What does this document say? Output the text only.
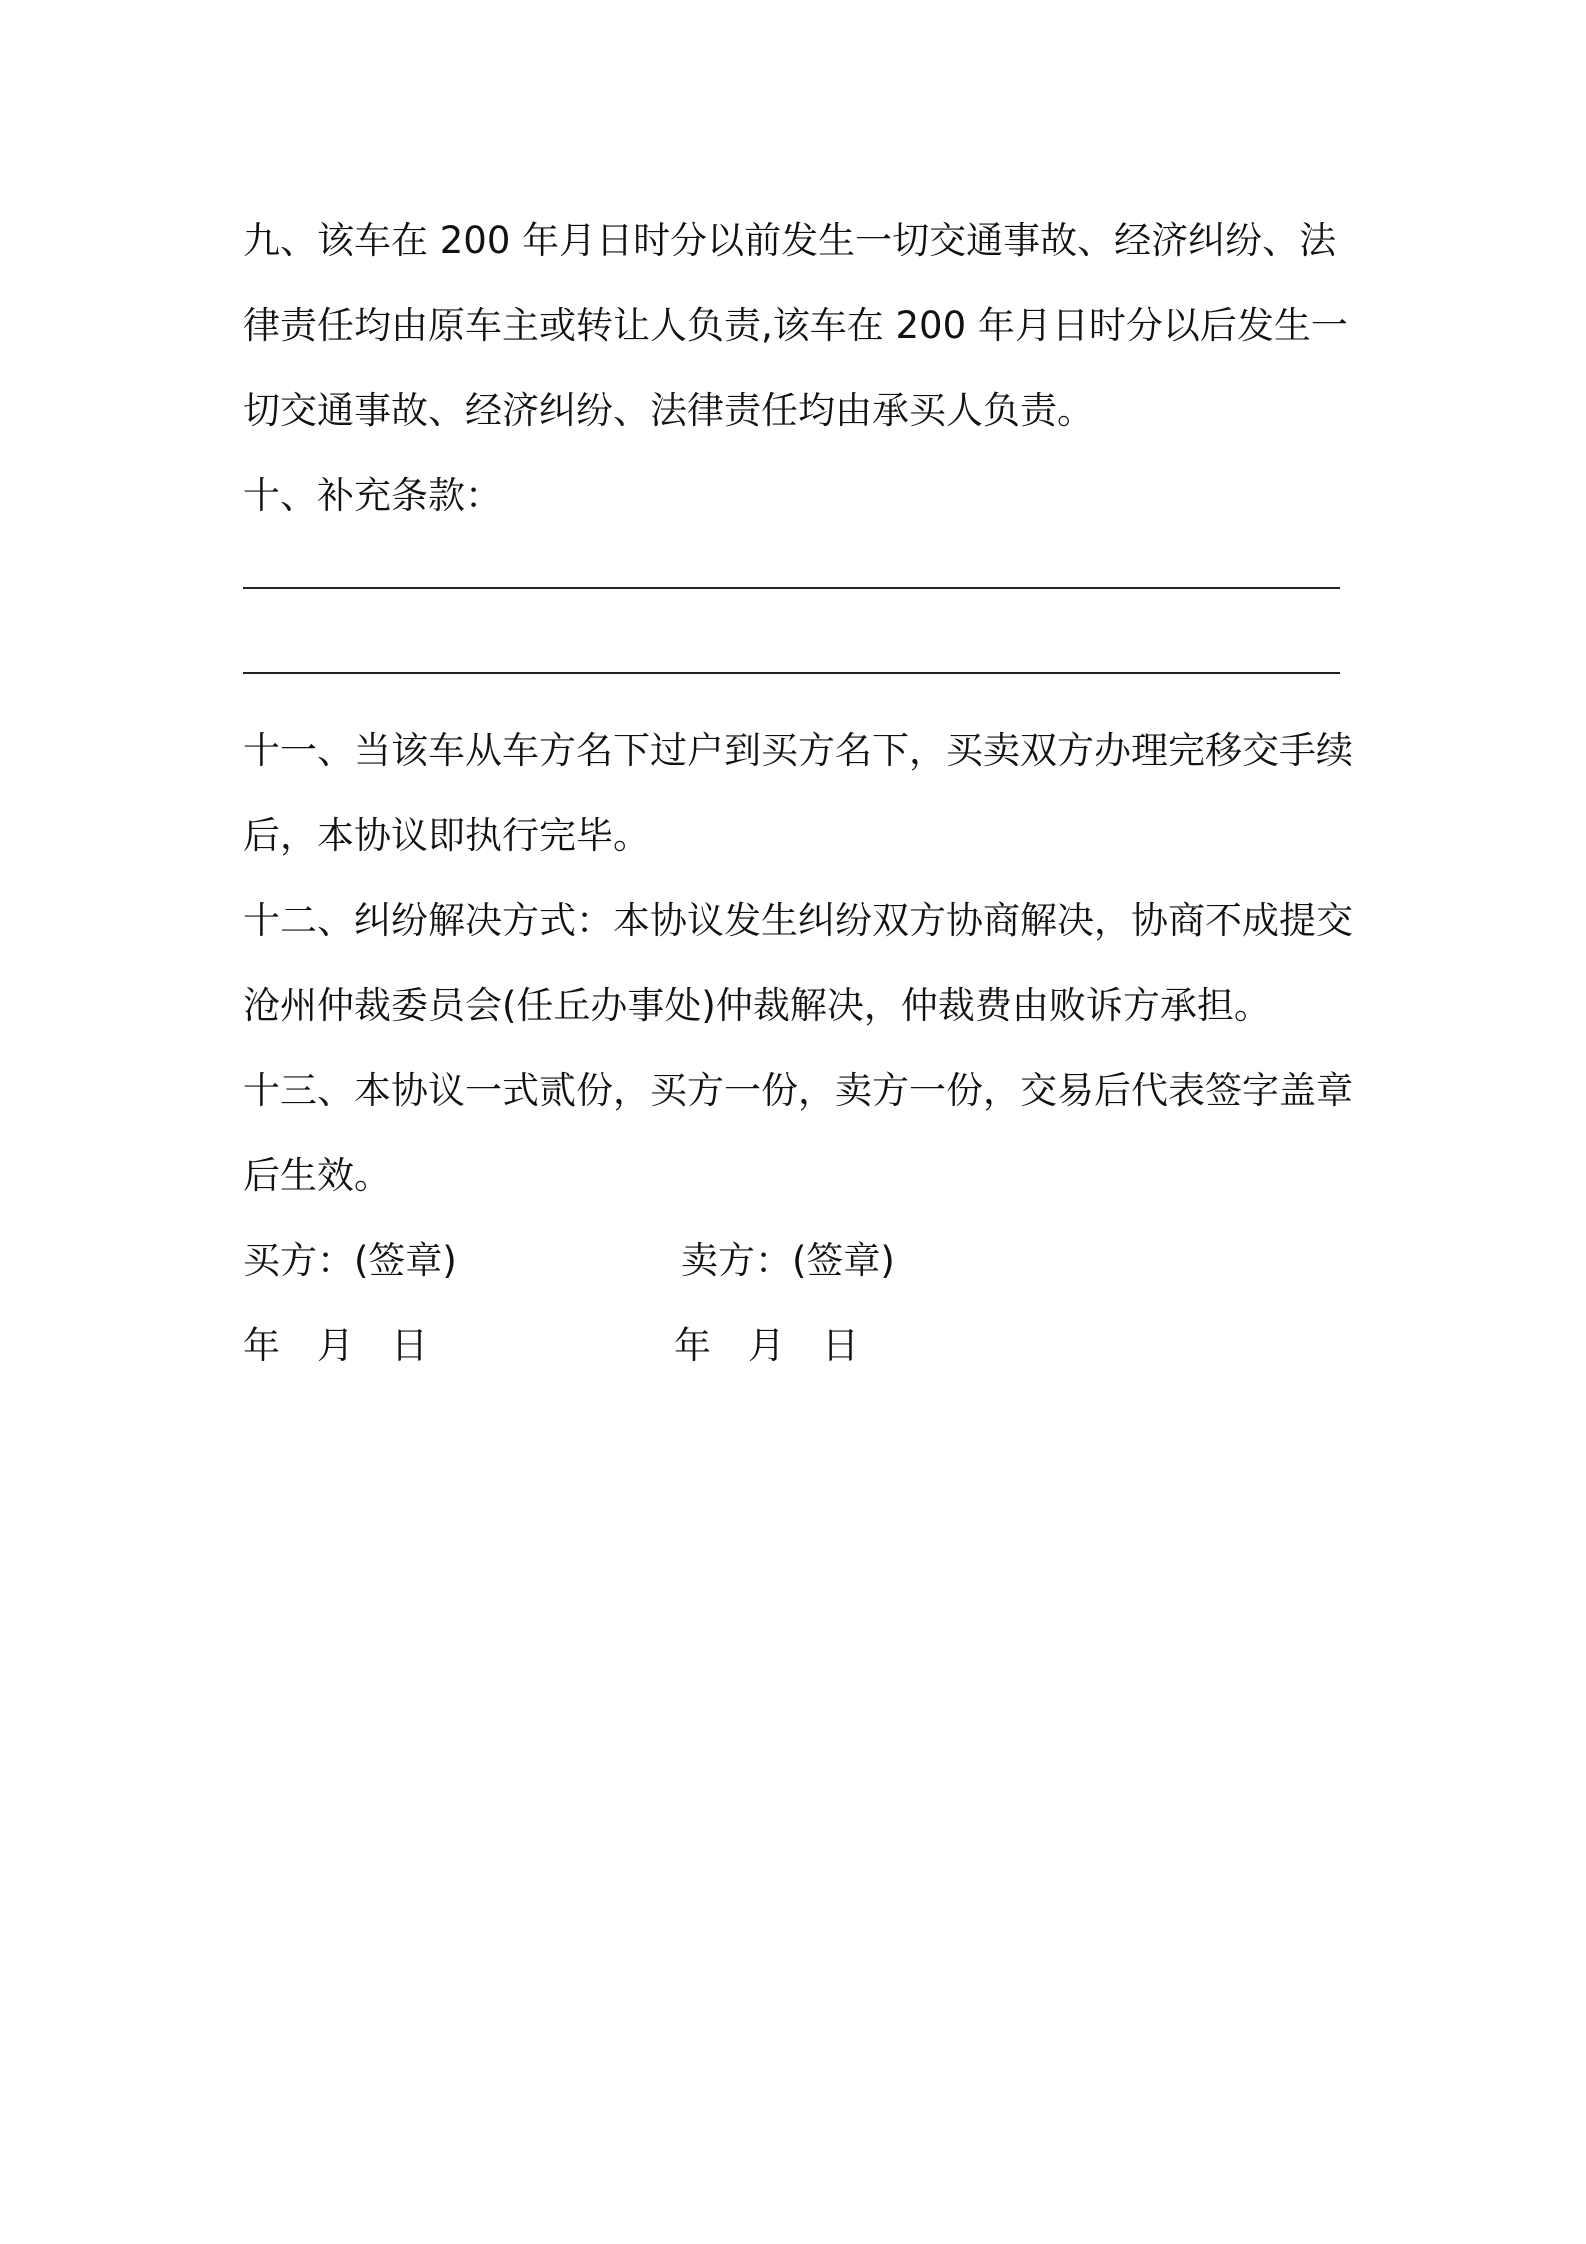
九、该车在 200 年月日时分以前发生一切交通事故、经济纠纷、法律责任均由原车主或转让人负责,该车在 200 年月日时分以后发生一切交通事故、经济纠纷、法律责任均由承买人负责。

十、补充条款：

十一、当该车从车方名下过户到买方名下，买卖双方办理完移交手续后，本协议即执行完毕。

十二、纠纷解决方式：本协议发生纠纷双方协商解决，协商不成提交沧州仲裁委员会(任丘办事处)仲裁解决，仲裁费由败诉方承担。

十三、本协议一式贰份，买方一份，卖方一份，交易后代表签字盖章后生效。

买方：(签章)	卖方：(签章)
年　月　日	年　月　日
